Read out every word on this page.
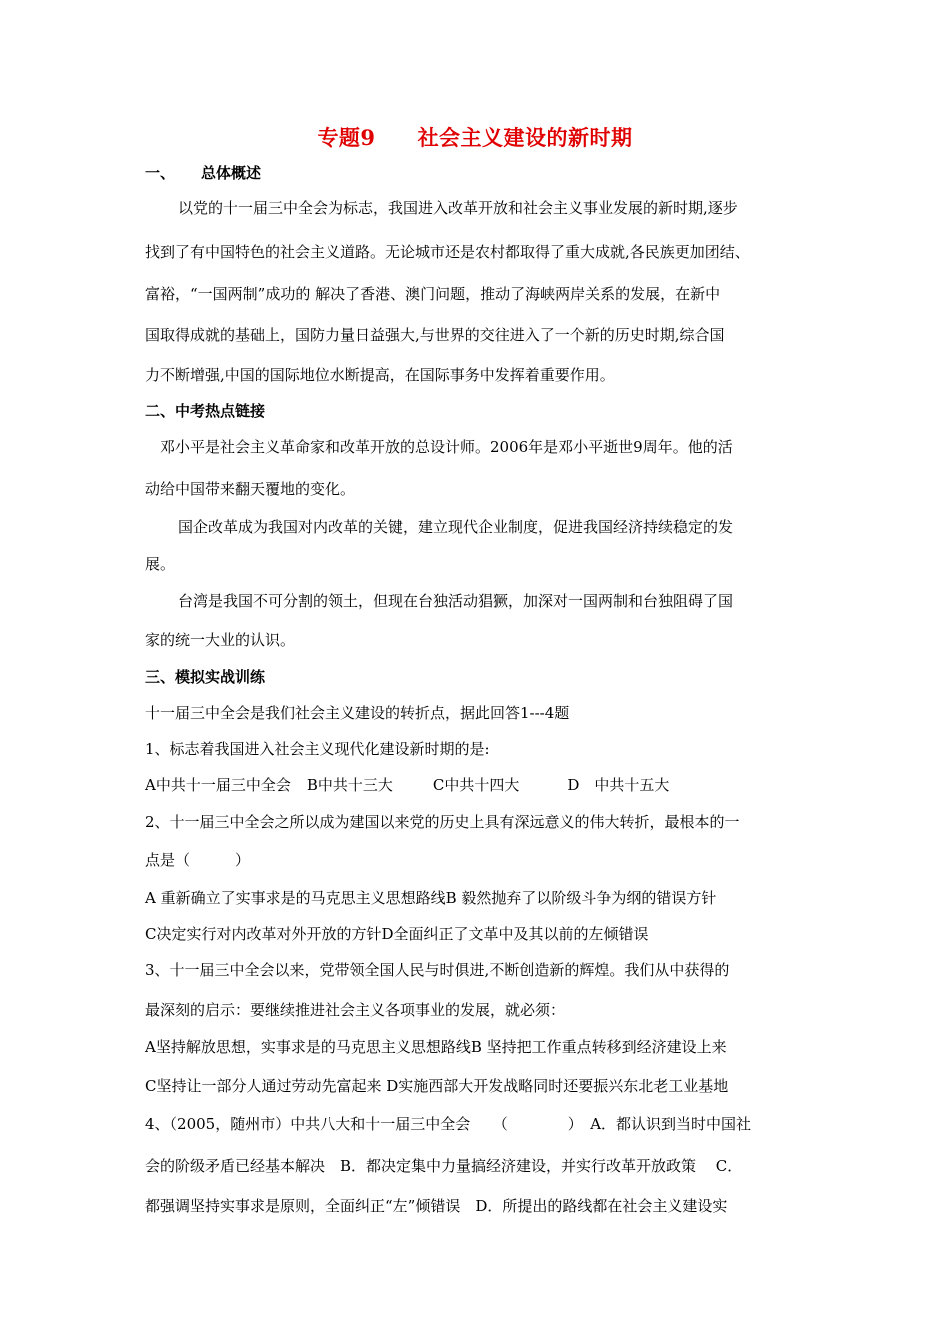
专题9 社会主义建设的新时期
一、 总体概述
以党的十一届三中全会为标志，我国进入改革开放和社会主义事业发展的新时期,逐步
找到了有中国特色的社会主义道路。无论城市还是农村都取得了重大成就,各民族更加团结、
富裕，“一国两制”成功的 解决了香港、澳门问题，推动了海峡两岸关系的发展，在新中
国取得成就的基础上，国防力量日益强大,与世界的交往进入了一个新的历史时期,综合国
力不断增强,中国的国际地位水断提高，在国际事务中发挥着重要作用。
二、中考热点链接
邓小平是社会主义革命家和改革开放的总设计师。2006年是邓小平逝世9周年。他的活
动给中国带来翻天覆地的变化。
国企改革成为我国对内改革的关键，建立现代企业制度，促进我国经济持续稳定的发
展。
台湾是我国不可分割的领土，但现在台独活动猖獗，加深对一国两制和台独阻碍了国
家的统一大业的认识。
三、模拟实战训练
十一届三中全会是我们社会主义建设的转折点，据此回答1---4题
1、标志着我国进入社会主义现代化建设新时期的是:
A中共十一届三中全会 B中共十三大	C中共十四大	D　中共十五大
2、十一届三中全会之所以成为建国以来党的历史上具有深远意义的伟大转折，最根本的一
点是（　　　）
A 重新确立了实事求是的马克思主义思想路线B 毅然抛弃了以阶级斗争为纲的错误方针
C决定实行对内改革对外开放的方针D全面纠正了文革中及其以前的左倾错误
3、十一届三中全会以来，党带领全国人民与时俱进,不断创造新的辉煌。我们从中获得的
最深刻的启示：要继续推进社会主义各项事业的发展，就必须：
A坚持解放思想，实事求是的马克思主义思想路线B 坚持把工作重点转移到经济建设上来
C坚持让一部分人通过劳动先富起来 D实施西部大开发战略同时还要振兴东北老工业基地
4、（2005，随州市）中共八大和十一届三中全会　　（　　　　）　A．都认识到当时中国社
会的阶级矛盾已经基本解决　B．都决定集中力量搞经济建设，并实行改革开放政策　 C．
都强调坚持实事求是原则，全面纠正“左”倾错误　D．所提出的路线都在社会主义建设实
